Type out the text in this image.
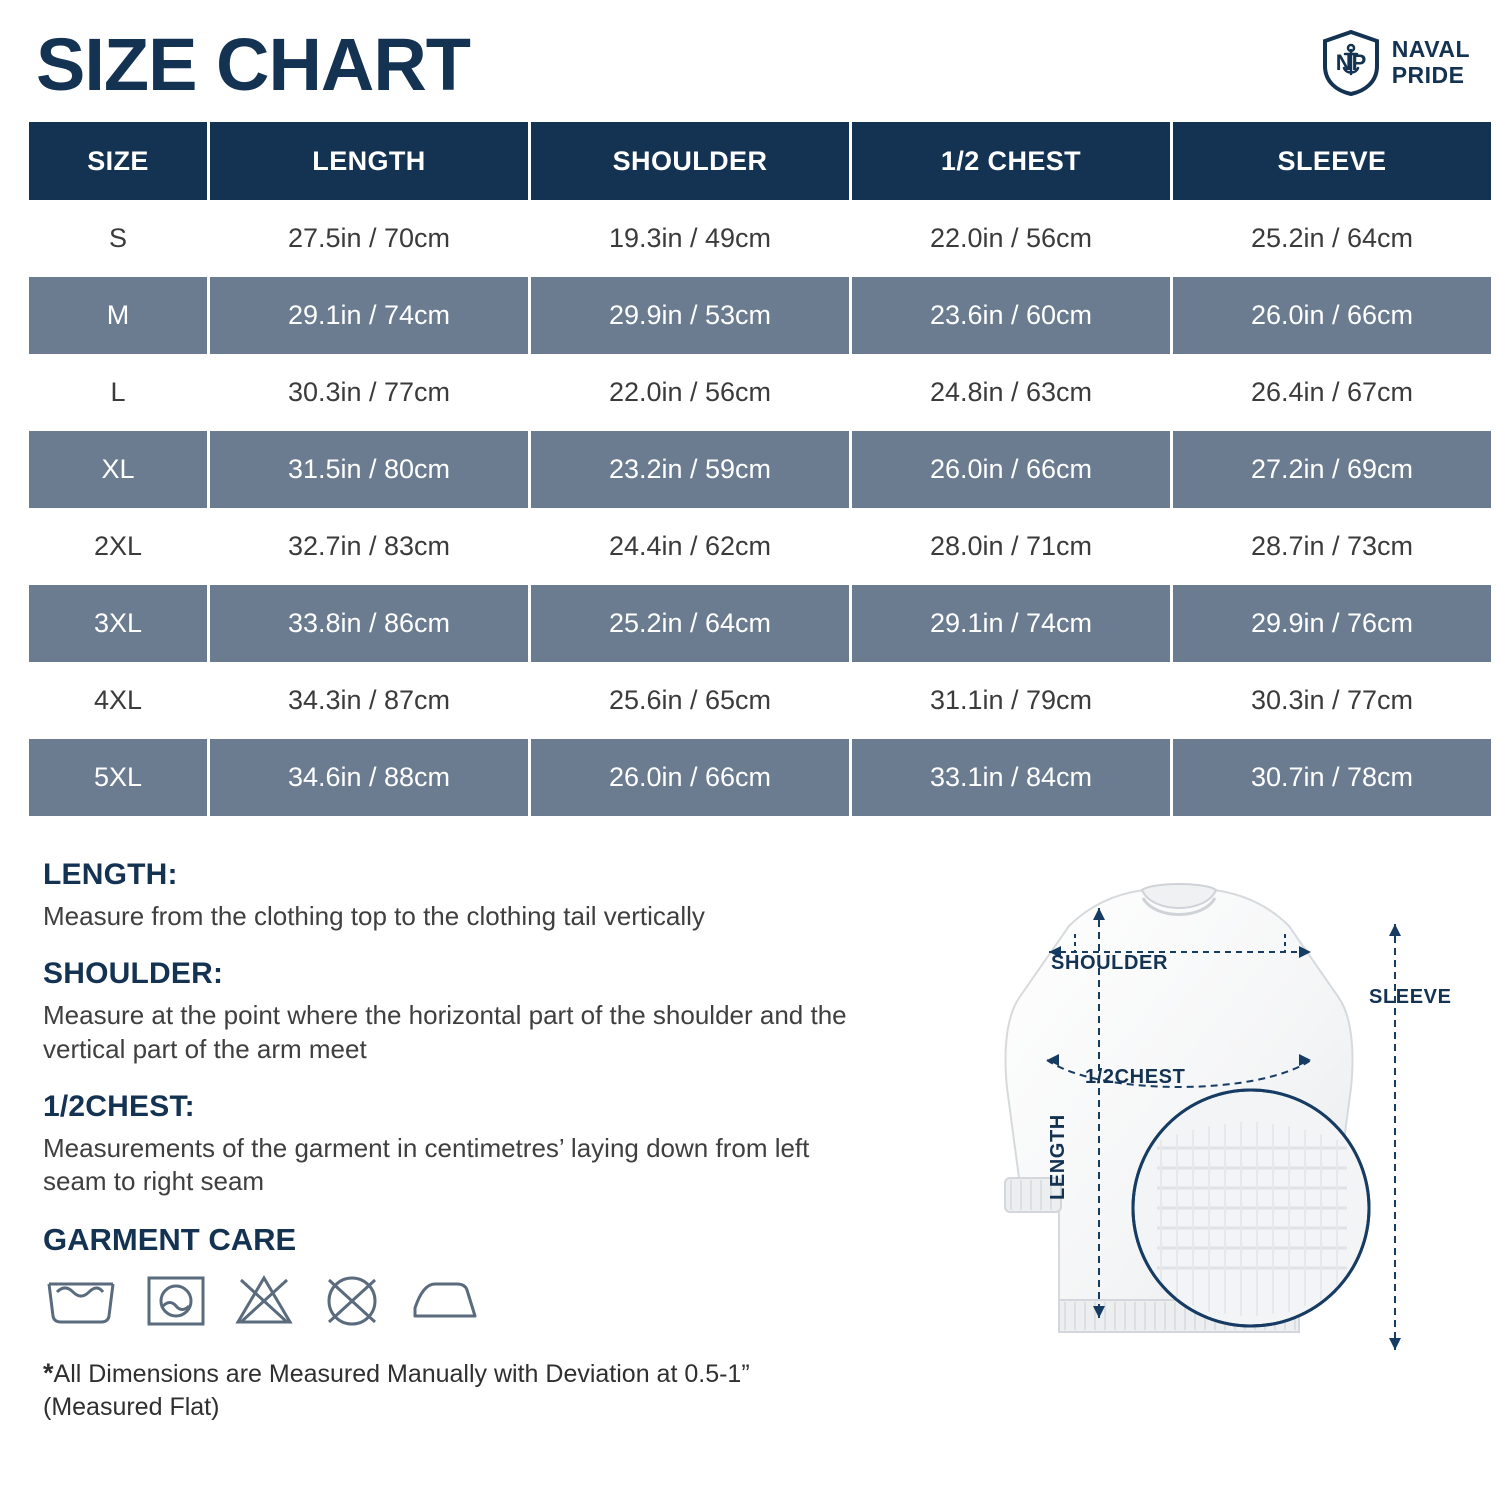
SIZE CHART	NP
NAVAL
PRIDE
SIZE	LENGTH	SHOULDER	1/2 CHEST	SLEEVE
S	27.5in / 70cm	19.3in / 49cm	22.0in / 56cm	25.2in / 64cm
M	29.1in / 74cm	29.9in / 53cm	23.6in / 60cm	26.0in / 66cm
L	30.3in / 77cm	22.0in / 56cm	24.8in / 63cm	26.4in / 67cm
XL	31.5in / 80cm	23.2in / 59cm	26.0in / 66cm	27.2in / 69cm
2XL	32.7in / 83cm	24.4in / 62cm	28.0in / 71cm	28.7in / 73cm
3XL	33.8in / 86cm	25.2in / 64cm	29.1in / 74cm	29.9in / 76cm
4XL	34.3in / 87cm	25.6in / 65cm	31.1in / 79cm	30.3in / 77cm
5XL	34.6in / 88cm	26.0in / 66cm	33.1in / 84cm	30.7in / 78cm

LENGTH:

Measure from the clothing top to the clothing tail vertically

SHOULDER:

Measure at the point where the horizontal part of the shoulder and the vertical part of the arm meet

1/2CHEST:

Measurements of the garment in centimetres’ laying down from left seam to right seam

GARMENT CARE

*All Dimensions are Measured Manually with Deviation at 0.5-1” (Measured Flat)
SHOULDER
1/2CHEST
SLEEVE
LENGTH
